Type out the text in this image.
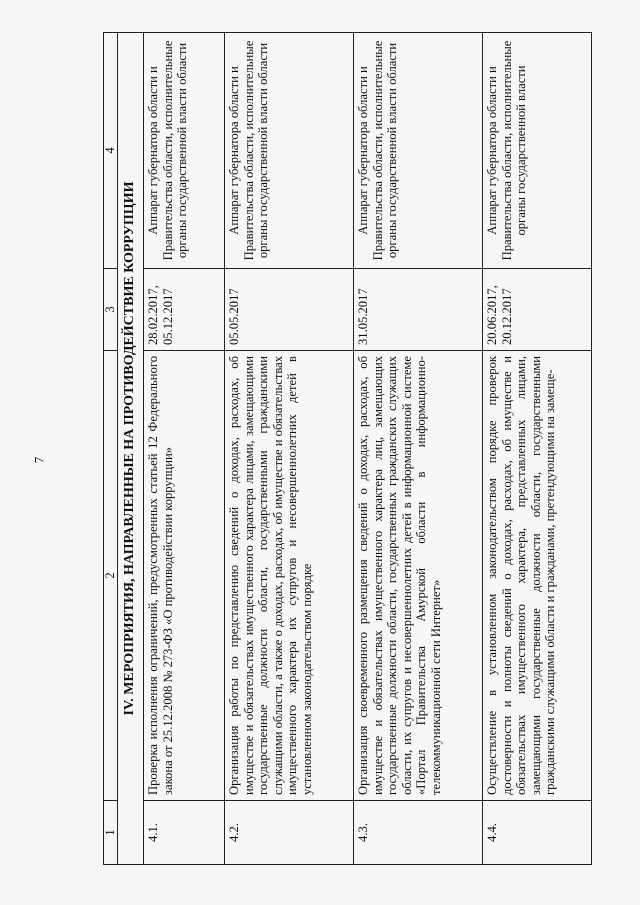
7
1	2	3	4
IV. МЕРОПРИЯТИЯ, НАПРАВЛЕННЫЕ НА ПРОТИВОДЕЙСТВИЕ КОРРУПЦИИ			
4.1.	Проверка исполнения ограничений, предусмотренных статьей 12 Федерального закона от 25.12.2008 № 273-ФЗ «О противодействии коррупции»	28.02.2017, 05.12.2017	Аппарат губернатора области и Правительства области, исполнительные органы государственной власти области
4.2.	Организация работы по представлению сведений о доходах, расходах, об имуществе и обязательствах имущественного характера лицами, замещающими государственные должности области, государственными гражданскими служащими области, а также о доходах, расходах, об имуществе и обязательствах имущественного характера их супругов и несовершеннолетних детей в установленном законодательством порядке	05.05.2017	Аппарат губернатора области и Правительства области, исполнительные органы государственной власти области
4.3.	Организация своевременного размещения сведений о доходах, расходах, об имуществе и обязательствах имущественного характера лиц, замещающих государственные должности области, государственных гражданских служащих области, их супругов и несовершеннолетних детей в информационной системе «Портал Правительства Амурской области в информационно-телекоммуникационной сети Интернет»	31.05.2017	Аппарат губернатора области и Правительства области, исполнительные органы государственной власти области
4.4.	Осуществление в установленном законодательством порядке проверок достоверности и полноты сведений о доходах, расходах, об имуществе и обязательствах имущественного характера, представленных лицами, замещающими государственные должности области, государственными гражданскими служащими области и гражданами, претендующими на замеще-	20.06.2017, 20.12.2017	Аппарат губернатора области и Правительства области, исполнительные органы государственной власти
